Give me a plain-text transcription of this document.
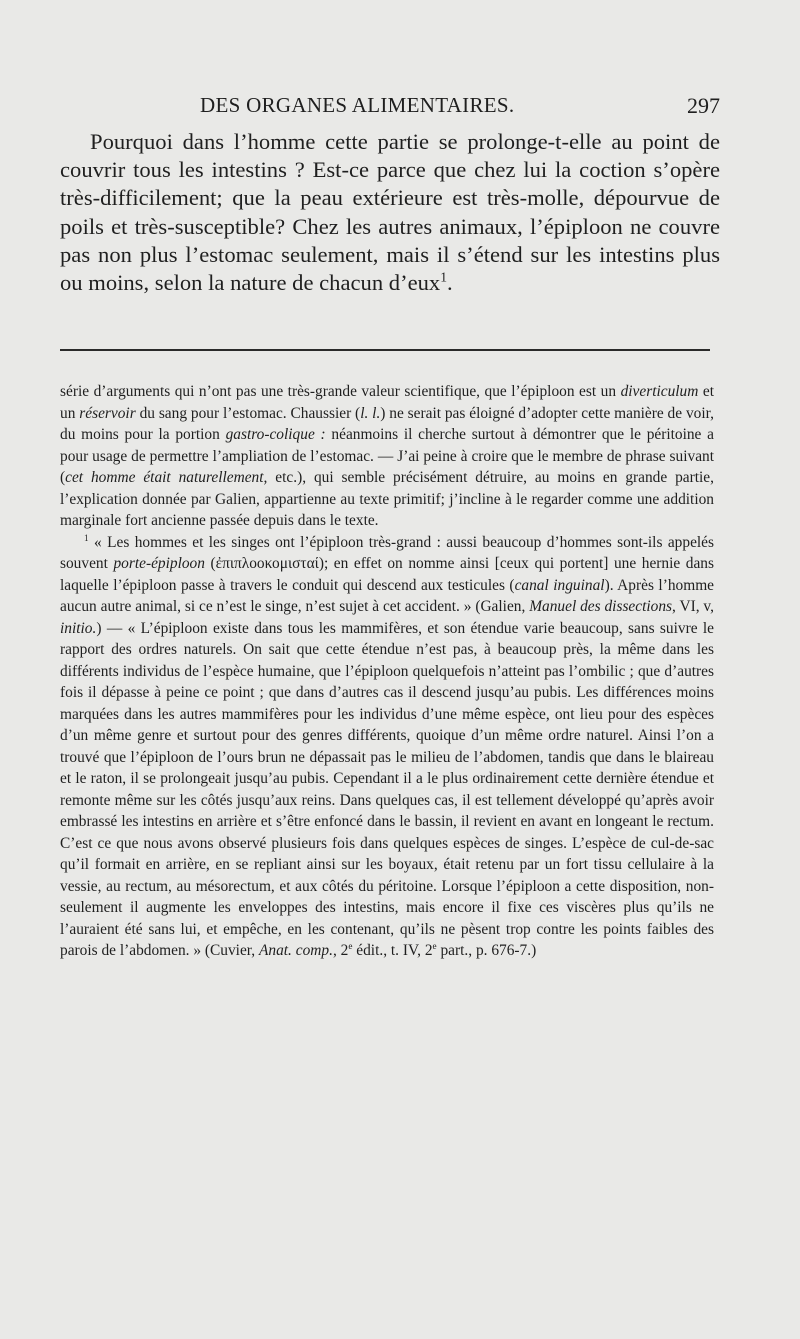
DES ORGANES ALIMENTAIRES.	297

Pourquoi dans l’homme cette partie se prolonge-t-elle au point de couvrir tous les intestins ? Est-ce parce que chez lui la coction s’opère très-difficilement; que la peau extérieure est très-molle, dépourvue de poils et très-susceptible? Chez les autres animaux, l’épiploon ne couvre pas non plus l’estomac seulement, mais il s’étend sur les intestins plus ou moins, selon la nature de chacun d’eux$^1$.

série d’arguments qui n’ont pas une très-grande valeur scientifique, que l’épiploon est un diverticulum et un réservoir du sang pour l’estomac. Chaussier (l. l.) ne serait pas éloigné d’adopter cette manière de voir, du moins pour la portion gastro-colique : néanmoins il cherche surtout à démontrer que le péritoine a pour usage de permettre l’ampliation de l’estomac. — J’ai peine à croire que le membre de phrase suivant (cet homme était naturellement, etc.), qui semble précisément détruire, au moins en grande partie, l’explication donnée par Galien, appartienne au texte primitif; j’incline à le regarder comme une addition marginale fort ancienne passée depuis dans le texte.

$^1$ « Les hommes et les singes ont l’épiploon très-grand : aussi beaucoup d’hommes sont-ils appelés souvent porte-épiploon (ἐπιπλοοκομισταί); en effet on nomme ainsi [ceux qui portent] une hernie dans laquelle l’épiploon passe à travers le conduit qui descend aux testicules (canal inguinal). Après l’homme aucun autre animal, si ce n’est le singe, n’est sujet à cet accident. » (Galien, Manuel des dissections, VI, v, initio.) — « L’épiploon existe dans tous les mammifères, et son étendue varie beaucoup, sans suivre le rapport des ordres naturels. On sait que cette étendue n’est pas, à beaucoup près, la même dans les différents individus de l’espèce humaine, que l’épiploon quelquefois n’atteint pas l’ombilic ; que d’autres fois il dépasse à peine ce point ; que dans d’autres cas il descend jusqu’au pubis. Les différences moins marquées dans les autres mammifères pour les individus d’une même espèce, ont lieu pour des espèces d’un même genre et surtout pour des genres différents, quoique d’un même ordre naturel. Ainsi l’on a trouvé que l’épiploon de l’ours brun ne dépassait pas le milieu de l’abdomen, tandis que dans le blaireau et le raton, il se prolongeait jusqu’au pubis. Cependant il a le plus ordinairement cette dernière étendue et remonte même sur les côtés jusqu’aux reins. Dans quelques cas, il est tellement développé qu’après avoir embrassé les intestins en arrière et s’être enfoncé dans le bassin, il revient en avant en longeant le rectum. C’est ce que nous avons observé plusieurs fois dans quelques espèces de singes. L’espèce de cul-de-sac qu’il formait en arrière, en se repliant ainsi sur les boyaux, était retenu par un fort tissu cellulaire à la vessie, au rectum, au mésorectum, et aux côtés du péritoine. Lorsque l’épiploon a cette disposition, non-seulement il augmente les enveloppes des intestins, mais encore il fixe ces viscères plus qu’ils ne l’auraient été sans lui, et empêche, en les contenant, qu’ils ne pèsent trop contre les points faibles des parois de l’abdomen. » (Cuvier, Anat. comp., 2e édit., t. IV, 2e part., p. 676-7.)
